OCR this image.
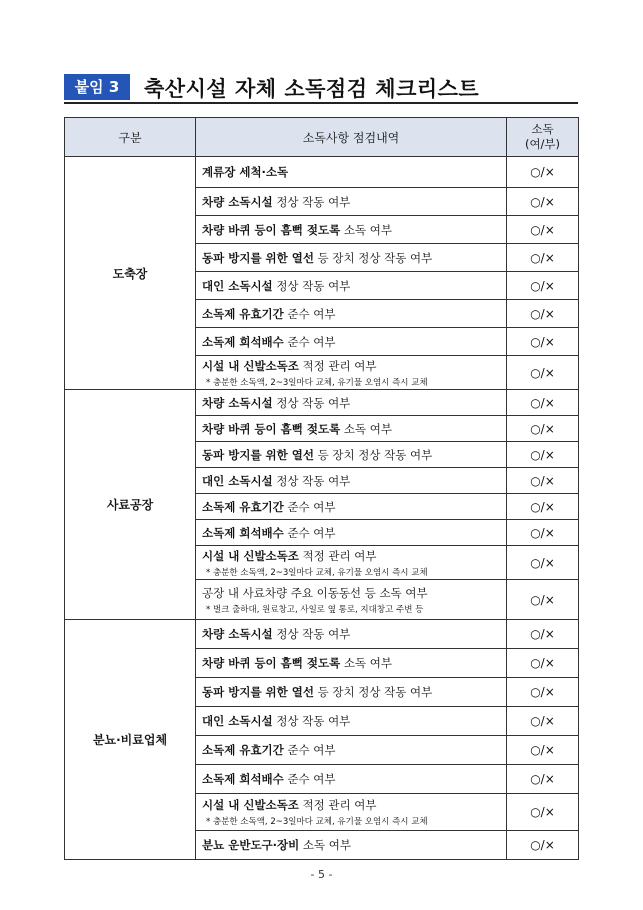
붙임 3	축산시설 자체 소독점검 체크리스트
구분	소독사항 점검내역	소독
(여/부)
도축장	계류장 세척·소독	○/×
	차량 소독시설 정상 작동 여부	○/×
	차량 바퀴 등이 흠뻑 젖도록 소독 여부	○/×
	동파 방지를 위한 열선 등 장치 정상 작동 여부	○/×
	대인 소독시설 정상 작동 여부	○/×
	소독제 유효기간 준수 여부	○/×
	소독제 희석배수 준수 여부	○/×
	시설 내 신발소독조 적정 관리 여부
* 충분한 소독액, 2~3일마다 교체, 유기물 오염시 즉시 교체	○/×
사료공장	차량 소독시설 정상 작동 여부	○/×
	차량 바퀴 등이 흠뻑 젖도록 소독 여부	○/×
	동파 방지를 위한 열선 등 장치 정상 작동 여부	○/×
	대인 소독시설 정상 작동 여부	○/×
	소독제 유효기간 준수 여부	○/×
	소독제 희석배수 준수 여부	○/×
	시설 내 신발소독조 적정 관리 여부
* 충분한 소독액, 2~3일마다 교체, 유기물 오염시 즉시 교체	○/×
	공장 내 사료차량 주요 이동동선 등 소독 여부
* 벌크 출하대, 원료창고, 사일로 옆 통로, 지대창고 주변 등	○/×
분뇨·비료업체	차량 소독시설 정상 작동 여부	○/×
	차량 바퀴 등이 흠뻑 젖도록 소독 여부	○/×
	동파 방지를 위한 열선 등 장치 정상 작동 여부	○/×
	대인 소독시설 정상 작동 여부	○/×
	소독제 유효기간 준수 여부	○/×
	소독제 희석배수 준수 여부	○/×
	시설 내 신발소독조 적정 관리 여부
* 충분한 소독액, 2~3일마다 교체, 유기물 오염시 즉시 교체	○/×
	분뇨 운반도구·장비 소독 여부	○/×
- 5 -
